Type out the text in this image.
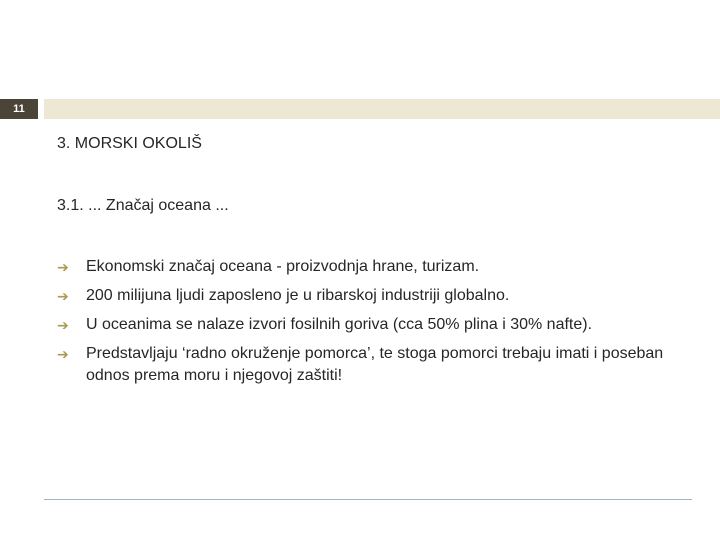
11
3. MORSKI OKOLIŠ
3.1. ... Značaj oceana ...
➔	Ekonomski značaj oceana - proizvodnja hrane, turizam.
➔	200 milijuna ljudi zaposleno je u ribarskoj industriji globalno.
➔	U oceanima se nalaze izvori fosilnih goriva (cca 50% plina i 30% nafte).
➔	Predstavljaju ‘radno okruženje pomorca’, te stoga pomorci trebaju imati i poseban odnos prema moru i njegovoj zaštiti!
